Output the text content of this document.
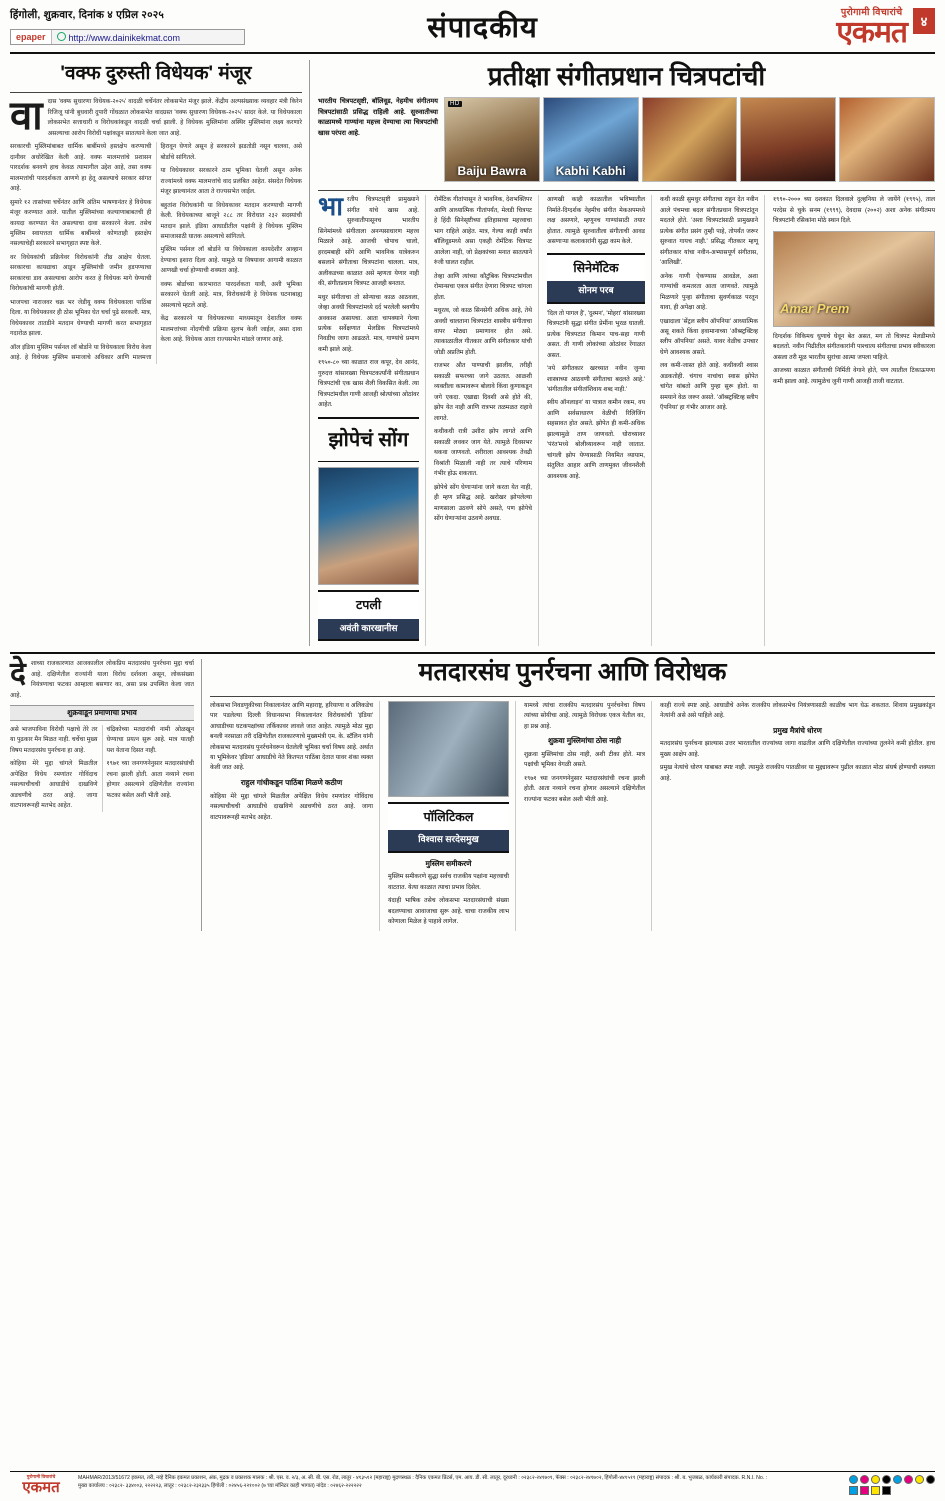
हिंगोली, शुक्रवार, दिनांक ४ एप्रिल २०२५
epaper	http://www.dainikekmat.com	संपादकीय	पुरोगामी विचारांचे
एकमत	४
'वक्फ दुरुस्ती विधेयक' मंजूर
वा दास 'वक्फ सुधारणा विधेयक-२०२५' वादळी चर्चेनंतर लोकसभेत मंजूर झाले. केंद्रीय अल्पसंख्याक व्यवहार मंत्री किरेन रिजिजू यांनी बुधवारी दुपारी गोंधळात लोकसभेत वादग्रस्त 'वक्फ सुधारणा विधेयक-२०२५' सादर केले. या विधेयकाला लोकसभेत सत्ताधारी व विरोधकांकडून वादळी चर्चा झाली. हे विधेयक मुस्लिमांना अस्थिर मुस्लिमांना लक्ष्य करणारे असल्याचा आरोप विरोधी पक्षांकडून सातत्याने केला जात आहे.

सरकारची मुस्लिमांबाबत धार्मिक बाबींमध्ये हस्तक्षेप करण्याची दानीवर अधोरेखित केली आहे. वक्फ मालमत्तांचे प्रशासन पारदर्शक बनवणे हाच केवळ त्यामागील उद्देश आहे, तसा वक्फ मालमत्तांची पारदर्शकता आणणे हा हेतू असल्याचे सरकार सांगत आहे.

सुमारे १२ तासांच्या चर्चेनंतर आणि अंतिम भाषणानंतर हे विधेयक मंजूर करण्यात आले. यातील मुस्लिमांच्या कल्याणाबाबतची ही कायदा करण्यात येत असल्याचा दावा सरकारने केला. तसेच मुस्लिम स्वायत्तता धार्मिक बाबींमध्ये कोणताही हस्तक्षेप नसल्याचेही सरकारने सभागृहात स्पष्ट केले.

वर विधेयकांची प्रक्रियेवर विरोधकांनी तीव्र आक्षेप घेतला. सरकारचा कायद्याचा आडून मुस्लिमांची जमीन हडपण्याचा सरकारचा डाव असल्याचा आरोप करत हे विधेयक मागे घेण्याची विरोधकांची मागणी होती.

भाजपचा नाराजवर चक्र भर जेडीयू वक्फ विधेयकाला पाठिंबा दिला. या विधेयकावर ही ठोस भूमिका घेत चर्चा पुढे सरकली. मात्र, विधेयकावर तातडीने मतदान घेण्याची मागणी करत सभागृहात गदारोळ झाला.

ऑल इंडिया मुस्लिम पर्सनल लॉ बोर्डाने या विधेयकाला विरोध केला आहे. हे विधेयक मुस्लिम समाजाचे अधिकार आणि मालमत्ता हिरावून घेणारे असून हे सरकारने झडतोडी नसून चालवा, असे बोर्डाचे सांगितले.

या विधेयकावर सरकारने ठाम भूमिका घेतली असून अनेक राज्यांमध्ये वक्फ मालमत्तांचे वाद प्रलंबित आहेत. संसदेत विधेयक मंजूर झाल्यानंतर आता ते राज्यसभेत जाईल.

बहुतांश विरोधकांनी या विधेयकावर मतदान करण्याची मागणी केली. विधेयकाच्या बाजूने २८८ तर विरोधात २३२ सदस्यांची मतदान झाले. इंडिया आघाडीतील पक्षांनी हे विधेयक मुस्लिम समाजासाठी घातक असल्याचे सांगितले.

मुस्लिम पर्सनल लॉ बोर्डाने या विधेयकाला कायदेशीर आव्हान देण्याचा इशारा दिला आहे. यामुळे या विषयावर आगामी काळात आणखी चर्चा होण्याची शक्यता आहे.

वक्फ बोर्डाच्या कारभारात पारदर्शकता यावी, अशी भूमिका सरकारने घेतली आहे. मात्र, विरोधकांनी हे विधेयक घटनाबाह्य असल्याचे म्हटले आहे.

केंद्र सरकारने या विधेयकाच्या माध्यमातून देशातील वक्फ मालमत्तांच्या नोंदणीची प्रक्रिया सुलभ केली जाईल, असा दावा केला आहे. विधेयक आता राज्यसभेत मांडले जाणार आहे.

प्रतीक्षा संगीतप्रधान चित्रपटांची
भारतीय चित्रपटसृष्टी, बॉलिवूड, नेहमीच संगीतमय चित्रपटांसाठी प्रसिद्ध राहिली आहे. सुरुवातीच्या काळामध्ये गाण्यांना महत्त्व देण्याचा त्या चित्रपटांची खास परंपरा आहे.
HD
Baiju Bawra	Kabhi Kabhi

भारतीय चित्रपटसृष्टी प्रामुख्याने संगीत यांचे खास आहे. सुरुवातीपासूनच भारतीय सिनेमांमध्ये संगीताला अनन्यसाधारण महत्त्व मिळाले आहे. आजची चोपाच चालो, हरदमबाही सोंगे आणि भावनिक यात्रेकरुन बसलाने संगीताचा चित्रपटांना चालला. मात्र, अलीकडच्या काळात असे म्हणता येणार नाही की, संगीतप्रधान चित्रपट आजही बनतात.

मधुर संगीताचा तो सोन्याचा काळ आठवला, जेव्हा अवधी चित्रपटांमध्ये दर्द भरलेली श्रवणीय अवकाश असायचा. आता चापक्याने गेल्या प्रत्येक सर्वेक्षणात मेलडिक चित्रपटांमध्ये निवडीच जागा आढळते. मात्र, गाण्यांचे प्रमाण कमी झाले आहे.

१९५०-८० च्या काळात राज कपूर, देव आनंद, गुरुदत्त यांसारख्या चित्रपटकर्त्यांनी संगीतप्रधान चित्रपटांची एक खास शैली विकसित केली. त्या चित्रपटांमधील गाणी आजही श्रोत्यांच्या ओठांवर आहेत.

झोपेचं सोंग
टपली
अवंती कारखानीस

रोमँटिक गीतांपासून ते भावनिक, देशभक्तिपर आणि आध्यात्मिक गीतांपर्यंत, मेलडी चित्रपट हे हिंदी सिनेसृष्टीच्या इतिहासाचा महत्त्वाचा भाग राहिले आहेत. मात्र, गेल्या काही वर्षांत बॉलिवूडमध्ये असा एकही रोमँटिक चित्रपट आलेला नाही, जो प्रेक्षकांच्या मनात सातत्याने रुंजी घालत राहील.

तेव्हा आणि त्यांच्या कौटुंबिक चित्रपटांमधील रोमान्सचा एकत्र संगीत देणारा चित्रपट चांगला होता.

मधुरत्व, जो काळ सिनसेगी अधिक आहे, तेथे अवधी चालताना चित्रपटांत शास्त्रीय संगीताचा वापर मोठ्या प्रमाणावर होत असे. त्याकाळातील गीतकार आणि संगीतकार यांची जोडी अप्रतिम होती.

राजभर औत पाण्याची झालीय, तरीही सकाळी सफरच्या जागे उठतात. आळशी व्यक्तीला कामावरून बोलावे किंवा कुणाकडून जगे एकदा. एखाद्या दिवशी असे होते की, झोप येत नाही आणि रात्रभर तळमळत राहावे लागते.

कधीकधी रात्री उशीरा झोप लागते आणि सकाळी लवकर जाग येते. त्यामुळे दिवसभर थकवा जाणवतो. शरीराला आवश्यक तेवढी विश्रांती मिळाली नाही तर त्याचे परिणाम गंभीर होऊ शकतात.

झोपेचे सोंग घेणाऱ्यांना जागे करता येत नाही, ही म्हण प्रसिद्ध आहे. खरोखर झोपलेल्या माणसाला उठवणे सोपे असते, पण झोपेचे सोंग घेणाऱ्यांना उठवणे अवघड.

आणखी काही काळातील भविष्यातील निर्माते-दिग्दर्शक नेहमीच संगीत मेकअपमध्ये लक्ष असणारे, म्हणूनच गाण्यांसाठी तयार होतात. त्यामुळे सुरुवातीला संगीताची आवड असणाऱ्या कलाकारांनी सुद्धा काम केले.

सिनेमॅटिक
सोनम परब

'दिल तो पागल है', 'दुश्मन', 'मोहरा' यांसारख्या चित्रपटांनी सुद्धा संगीत प्रेमींना भुरळ घातली. प्रत्येक चित्रपटात किमान पाच-सहा गाणी असत. ती गाणी लोकांच्या ओठांवर रेंगाळत असत.

'नये संगीतकार खरच्यात नवीन जुन्या शास्त्राच्या आठवणी संगीताचा बदलते आहे.' 'संगीतातील संगीतांशिवाय शब्द नाही.'

स्वीय ऑनलाइन' या पात्रात कमीन रकम, वय आणि सर्वसाधारण वेळीची रिलिजिंग सहसावत होत असते. झोपेत ही कमी-अधिक झाल्यामुळे ताण जाणवतो. घोराच्यावर 'पंरंत'मध्ये बोलीव्यावरून नाही जातात. चांगली झोप येण्यासाठी नियमित व्यायाम, संतुलित आहार आणि ताणमुक्त जीवनशैली आवश्यक आहे.

कधी काळी सुमधुर संगीताचा राहून देत नवीन आले पंचमचा बदल संगीतप्रधान चित्रपटांतून मदतले होते. 'अशा चित्रपटांसाठी प्रामुख्याने प्रत्येक संगीत प्रसंग तुम्ही पाहे, तोपर्यंत जरूर सुरुवात गायच नाही.' प्रसिद्ध गीतकार म्हणू संगीतकार यांचा नवीन-अभ्यासपूर्ण संगीतास, 'आलिखी'.

अनेक गाणी ऐकण्यास आवडेल, अशा गाण्यांची कमतरता आता जाणवते. त्यामुळे मिळणारे पुन्हा संगीताचा सुवर्णकाळ परतून यावा, ही अपेक्षा आहे.

एखादाला 'सेंट्रल स्लीप ऑपनिया' आध्यात्मिक असू शकते किंवा हवामानाच्या 'ऑब्स्ट्रक्टिव्ह स्लीप ऑपनिया' असते. यावर वेळीच उपचार घेणे आवश्यक असते.

लव कमी-जास्त होते आहे. कधीकधी श्वास अडकतोही. चंगाच नाचांचा स्वास झोपेत चांगेत थांबतो आणि पुन्हा सुरू होतो. या समयाने वेळ जरूर असते. 'ऑब्स्ट्रक्टिव्ह स्लीप ऍपनिया' हा गंभीर आजार आहे.

१९९०-२००० च्या दशकात दिलवाले दुल्हनिया ले जायेंगे (१९९५), ताल परदेस से चुके सनम (१९९९), देवदास (२००२) अशा अनेक संगीतमय चित्रपटांनी रसिकांना मोठे स्थान दिले.

Amar Prem

दिग्दर्शक विकिमध धुणाचे घेवून बेत असत, मग तो चित्रपट मेलडीमध्ये बदलतो. नवीन पिढीतील संगीतकारांनी पाश्चात्य संगीताचा प्रभाव स्वीकारला असला तरी मूळ भारतीय सुरांचा आत्मा जपला पाहिजे.

आजच्या काळात संगीताची निर्मिती वेगाने होते, पण त्यातील टिकाऊपणा कमी झाला आहे. त्यामुळेच जुनी गाणी आजही ताजी वाटतात.

दे शाच्या राजकारणात आजकालील लोकप्रिय मतदारसंघ पुनर्रचना मुद्दा चर्चा आहे. दक्षिणेतील राज्यांनी याला विरोध दर्शवला असून, लोकसंख्या नियंत्रणाचा फटका आम्हाला बसणार का, असा प्रश्न उपस्थित केला जात आहे.

शुक्रवाडून प्रमाणाचा प्रभाव

असे भाजपाविना विरोधी पक्षाचे तेरे तर या पुढकार मैन मिळत नाही. चर्चेचा मुख्य विषय मतदारसंघ पुनर्रचना हा आहे.

कोहिया मेरे मुद्दा चांगले मिळतील अपेक्षित विधेय रमणांतर गोविंदाच नसल्याचीचची आघाडीचे दाखविणे अडचणीचे ठरत आहे. जागा वाटपावरूनही मतभेद आहेत.

चंद्रिकोच्या मतदारांची नामी ओळखून घेण्याचा प्रयत्न सुरू आहे. मात्र यातही यश येताना दिसत नाही.

१९७१ च्या जनगणनेनुसार मतदारसंघांची रचना झाली होती. आता नव्याने रचना होणार असल्याने दक्षिणेतील राज्यांना फटका बसेल अशी भीती आहे.

मतदारसंघ पुनर्रचना आणि विरोधक

लोकसभा निवडणुकीच्या निकालानंतर आणि महाराष्ट्र, हरियाणा व अलिकडेच पार पडलेल्या दिल्ली विधानसभा निकालानंतर विरोधकांची 'इंडिया' आघाडीच्या घटकपक्षांच्या तर्किकावर लावले जात आहेत. त्यामुळे मोठा मुद्दा बनली नरसाळा तरी दक्षिणेतील राजकारणाचे मुख्यमंत्री एम. के. स्टॅलिन यांनी लोकसभा मतदारसंघ पुनर्रचनेवरून घेतलेली भूमिका चर्चा विषय आहे. अर्थात या भूमिकेवर 'इंडिया' आघाडीचे नेते कितपत पाठिंबा देतात यावर शंका व्यक्त केली जात आहे.

राहुल गांधीकडून पाठिंबा मिळणे कठीण

कोहिया मेरे मुद्दा चांगले मिळतील अपेक्षित विधेय रमणांतर गोविंदाच नसल्याचीचची आघाडीचे दाखविणे अडचणीचे ठरत आहे. जागा वाटपावरूनही मतभेद आहेत.	पॉलिटिकल
विश्वास सरदेसमुख
मुस्लिम समीकरणे

मुस्लिम समीकरणे सुद्धा सर्वच राजकीय पक्षांना महत्त्वाची वाटतात. येत्या काळात त्याचा प्रभाव दिसेल.

यंदाही भाषिक तसेच लोकसभा मतदारसंघाची संख्या बदलण्याचा आवाजाचा सुरू आहे. चाचा राजकीय लाभ कोणाला मिळेल हे पाहावे लागेल.

यामध्ये त्यांचा राजकीय मतदारसंघ पुनर्रचनेचा विषय त्यांच्या सोयीचा आहे. त्यामुळे विरोधक एकत्र येतील का, हा प्रश्न आहे.

शुक्रवा मुस्लिमांचा ठोस नाही

शुक्रवा मुस्लिमांचा ठोस नाही, अशी टीका होते. मात्र पक्षांची भूमिका वेगळी असते.

१९७१ च्या जनगणनेनुसार मतदारसंघांची रचना झाली होती. आता नव्याने रचना होणार असल्याने दक्षिणेतील राज्यांना फटका बसेल अशी भीती आहे.

काही राज्ये स्पष्ट आहे. आघाडीचे अनेक राजकीय लोकसभेच नियंत्रणासाठी काळीच भाग घेऊ शकतात. शिवाय प्रमुखकांडून नेत्यांनी असे असे पाहिले आहे.

प्रमुख मैत्रांचे धोरण

मतदारसंघ पुनर्रचना झाल्यास उत्तर भारतातील राज्यांच्या जागा वाढतील आणि दक्षिणेतील राज्यांच्या तुलनेने कमी होतील. हाच मुख्य आक्षेप आहे.

प्रमुख नेत्यांचे धोरण याबाबत स्पष्ट नाही. त्यामुळे राजकीय पातळीवर या मुद्द्यावरून पुढील काळात मोठा संघर्ष होण्याची शक्यता आहे.

पुरोगामी विचारांचे
एकमत
MAHMAR/2013/51672 इकमत, तरी, नव्हे दैनिक इकमत प्रकाशन, अंक, मुद्रक व प्रकाशक मालक : श्री. एस. व. २/३, अ. सी. बी. एस. रोड, लातूर - ४१३५१२ (महाराष्ट्र) मुद्रणस्थळ : दैनिक एकमत प्रिंटर्स, एम. आय. डी. सी. लातूर, दूरध्वनी : ०२३८२-२४१७०१, फॅक्स : ०२३८२-२४१७०२, हिंगोली-४४१५११ (महाराष्ट्र) संपादक : श्री. ब. भुजबळ, कार्यकारी संपादक. R.N.I. No. :
मुख्य कार्यालय : ०२३८२- ३३४००३, २२२२२३, लातूर : ०२३८२-२३२३३५ हिंगोली : ०२४५६-२२१००२ (७ च्या मॉनिटर काही भागात) नांदेड : ०२४६२-२२२२२२
